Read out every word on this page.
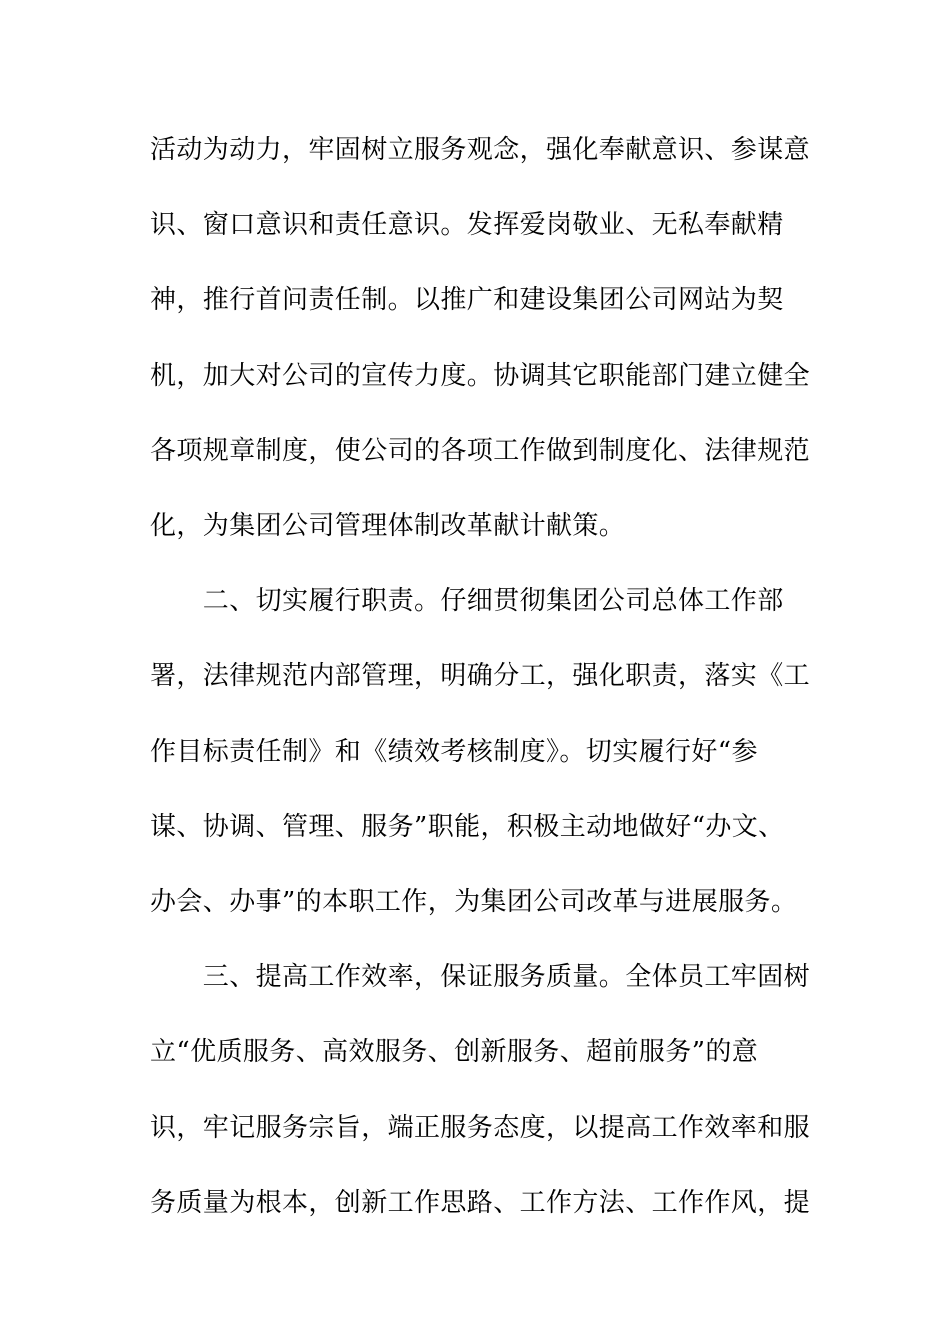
活动为动力，牢固树立服务观念，强化奉献意识、参谋意
识、窗口意识和责任意识。发挥爱岗敬业、无私奉献精
神，推行首问责任制。以推广和建设集团公司网站为契
机，加大对公司的宣传力度。协调其它职能部门建立健全
各项规章制度，使公司的各项工作做到制度化、法律规范
化，为集团公司管理体制改革献计献策。
　　二、切实履行职责。仔细贯彻集团公司总体工作部
署，法律规范内部管理，明确分工，强化职责，落实《工
作目标责任制》和《绩效考核制度》。切实履行好“参
谋、协调、管理、服务”职能，积极主动地做好“办文、
办会、办事”的本职工作，为集团公司改革与进展服务。
　　三、提高工作效率，保证服务质量。全体员工牢固树
立“优质服务、高效服务、创新服务、超前服务”的意
识，牢记服务宗旨，端正服务态度，以提高工作效率和服
务质量为根本，创新工作思路、工作方法、工作作风，提
